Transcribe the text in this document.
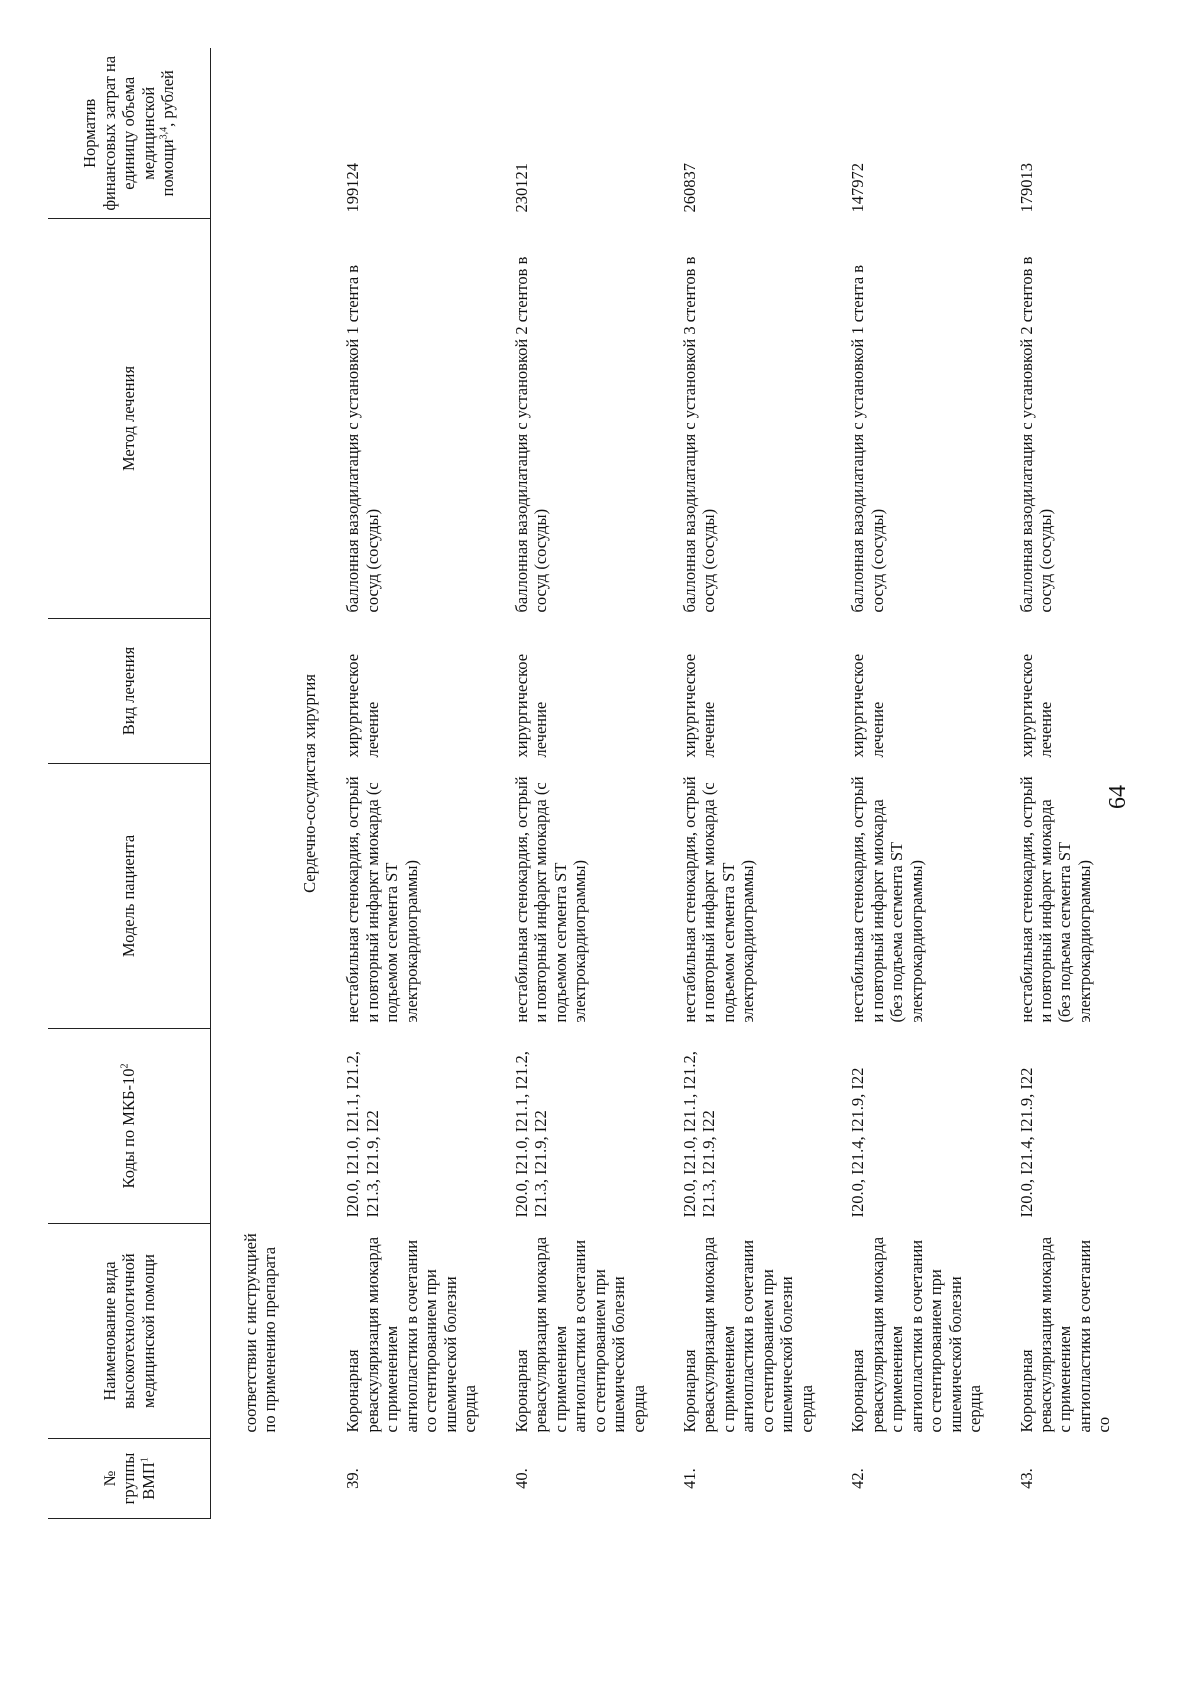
64
№ группы ВМП$^1$	Наименование вида высокотехнологичной медицинской помощи	Коды по МКБ-$10^2$	Модель пациента	Вид лечения	Метод лечения	Норматив финансовых затрат на единицу объема медицинской помощи$^{3,4}$, рублей
	соответствии с инструкцией по применению препарата					
Сердечно-сосудистая хирургия						
39.	Коронарная реваскуляризация миокарда с применением ангиопластики в сочетании со стентированием при ишемической болезни сердца	I20.0, I21.0, I21.1, I21.2, I21.3, I21.9, I22	нестабильная стенокардия, острый и повторный инфаркт миокарда (с подъемом сегмента ST электрокардиограммы)	хирургическое лечение	баллонная вазодилатация с установкой 1 стента в сосуд (сосуды)	199124
40.	Коронарная реваскуляризация миокарда с применением ангиопластики в сочетании со стентированием при ишемической болезни сердца	I20.0, I21.0, I21.1, I21.2, I21.3, I21.9, I22	нестабильная стенокардия, острый и повторный инфаркт миокарда (с подъемом сегмента ST электрокардиограммы)	хирургическое лечение	баллонная вазодилатация с установкой 2 стентов в сосуд (сосуды)	230121
41.	Коронарная реваскуляризация миокарда с применением ангиопластики в сочетании со стентированием при ишемической болезни сердца	I20.0, I21.0, I21.1, I21.2, I21.3, I21.9, I22	нестабильная стенокардия, острый и повторный инфаркт миокарда (с подъемом сегмента ST электрокардиограммы)	хирургическое лечение	баллонная вазодилатация с установкой 3 стентов в сосуд (сосуды)	260837
42.	Коронарная реваскуляризация миокарда с применением ангиопластики в сочетании со стентированием при ишемической болезни сердца	I20.0, I21.4, I21.9, I22	нестабильная стенокардия, острый и повторный инфаркт миокарда (без подъема сегмента ST электрокардиограммы)	хирургическое лечение	баллонная вазодилатация с установкой 1 стента в сосуд (сосуды)	147972
43.	Коронарная реваскуляризация миокарда с применением ангиопластики в сочетании со	I20.0, I21.4, I21.9, I22	нестабильная стенокардия, острый и повторный инфаркт миокарда (без подъема сегмента ST электрокардиограммы)	хирургическое лечение	баллонная вазодилатация с установкой 2 стентов в сосуд (сосуды)	179013
